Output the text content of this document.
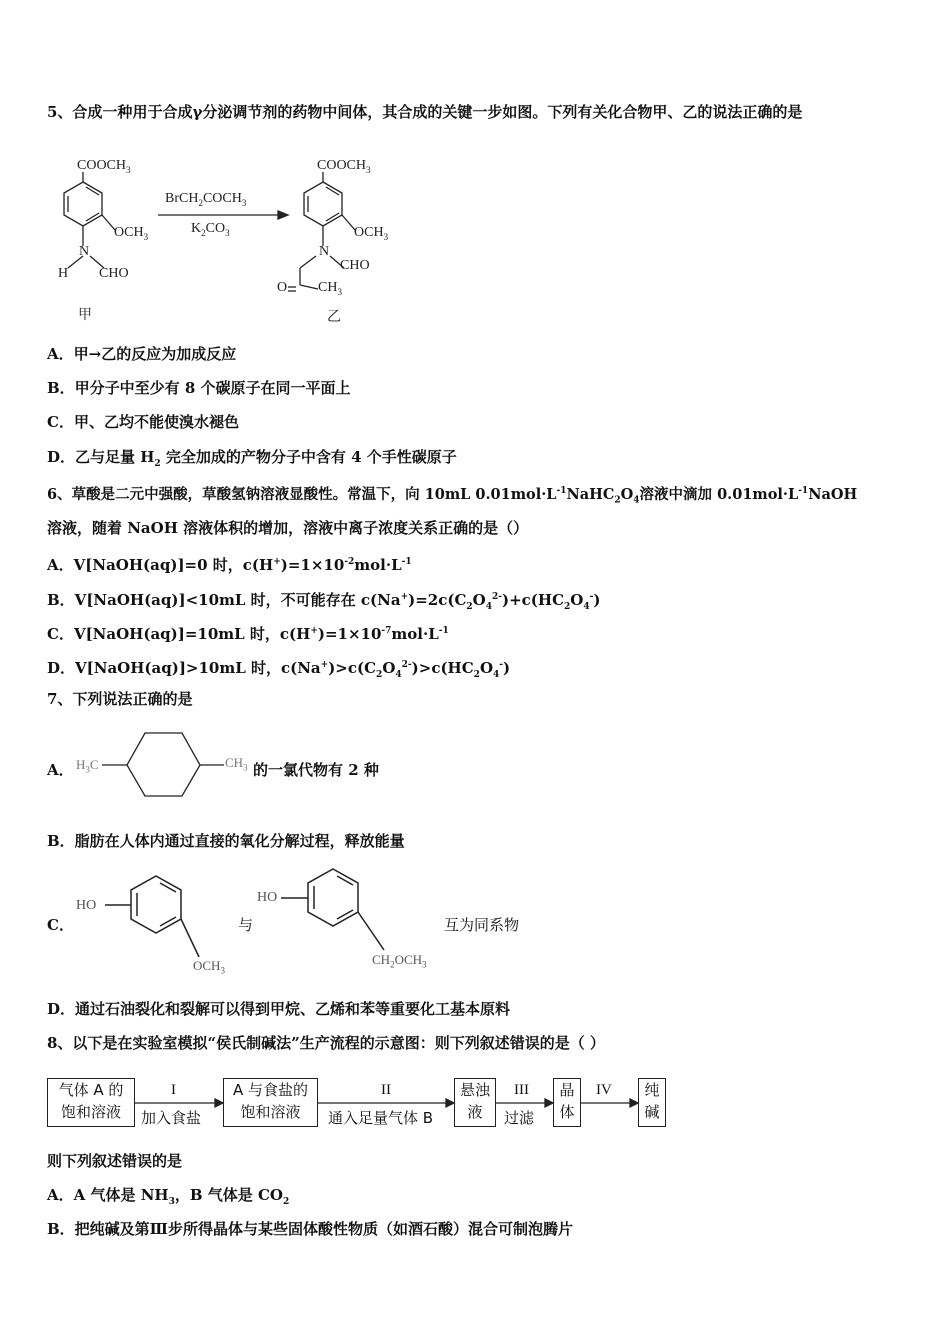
5、合成一种用于合成γ分泌调节剂的药物中间体，其合成的关键一步如图。下列有关化合物甲、乙的说法正确的是
$COOCH_3$
$OCH_3$
N
H CHO
甲
$BrCH_2COCH_3$
$K_2CO_3$
$COOCH_3$
$OCH_3$
N
CHO
O $CH_3$
乙
A．甲→乙的反应为加成反应
B．甲分子中至少有 8 个碳原子在同一平面上
C．甲、乙均不能使溴水褪色
D．乙与足量 $H_2$ 完全加成的产物分子中含有 4 个手性碳原子
6、草酸是二元中强酸，草酸氢钠溶液显酸性。常温下，向 10mL $0.01mol\cdot L^{-1}NaHC_2O_4$溶液中滴加 $0.01mol\cdot L^{-1}NaOH$
溶液，随着 NaOH 溶液体积的增加，溶液中离子浓度关系正确的是（）
A．V[NaOH(aq)]=0 时，$c(H^+)=1\times 10^{-2}mol\cdot L^{-1}$
B．V[NaOH(aq)]<10mL 时，不可能存在 $c(Na^+)=2c(C_2O_4^{2-})+c(HC_2O_4^-)$
C．V[NaOH(aq)]=10mL 时，$c(H^+)=1\times 10^{-7}mol\cdot L^{-1}$
D．V[NaOH(aq)]>10mL 时，$c(Na^+)>c(C_2O_4^{2-})>c(HC_2O_4^-)$
7、下列说法正确的是
A． $H_3C$	$CH_3$ 的一氯代物有 2 种
B．脂肪在人体内通过直接的氧化分解过程，释放能量
C．
HO
$OCH_3$
与
HO
$CH_2OCH_3$
互为同系物
D．通过石油裂化和裂解可以得到甲烷、乙烯和苯等重要化工基本原料
8、以下是在实验室模拟“侯氏制碱法”生产流程的示意图：则下列叙述错误的是（ ）
气体 A 的
饱和溶液
A 与食盐的
饱和溶液
悬浊
液
晶
体
纯
碱
I
加入食盐
II
通入足量气体 B
III
过滤
IV
则下列叙述错误的是
A．A 气体是 $NH_3$，B 气体是 $CO_2$
B．把纯碱及第Ⅲ步所得晶体与某些固体酸性物质（如酒石酸）混合可制泡腾片
